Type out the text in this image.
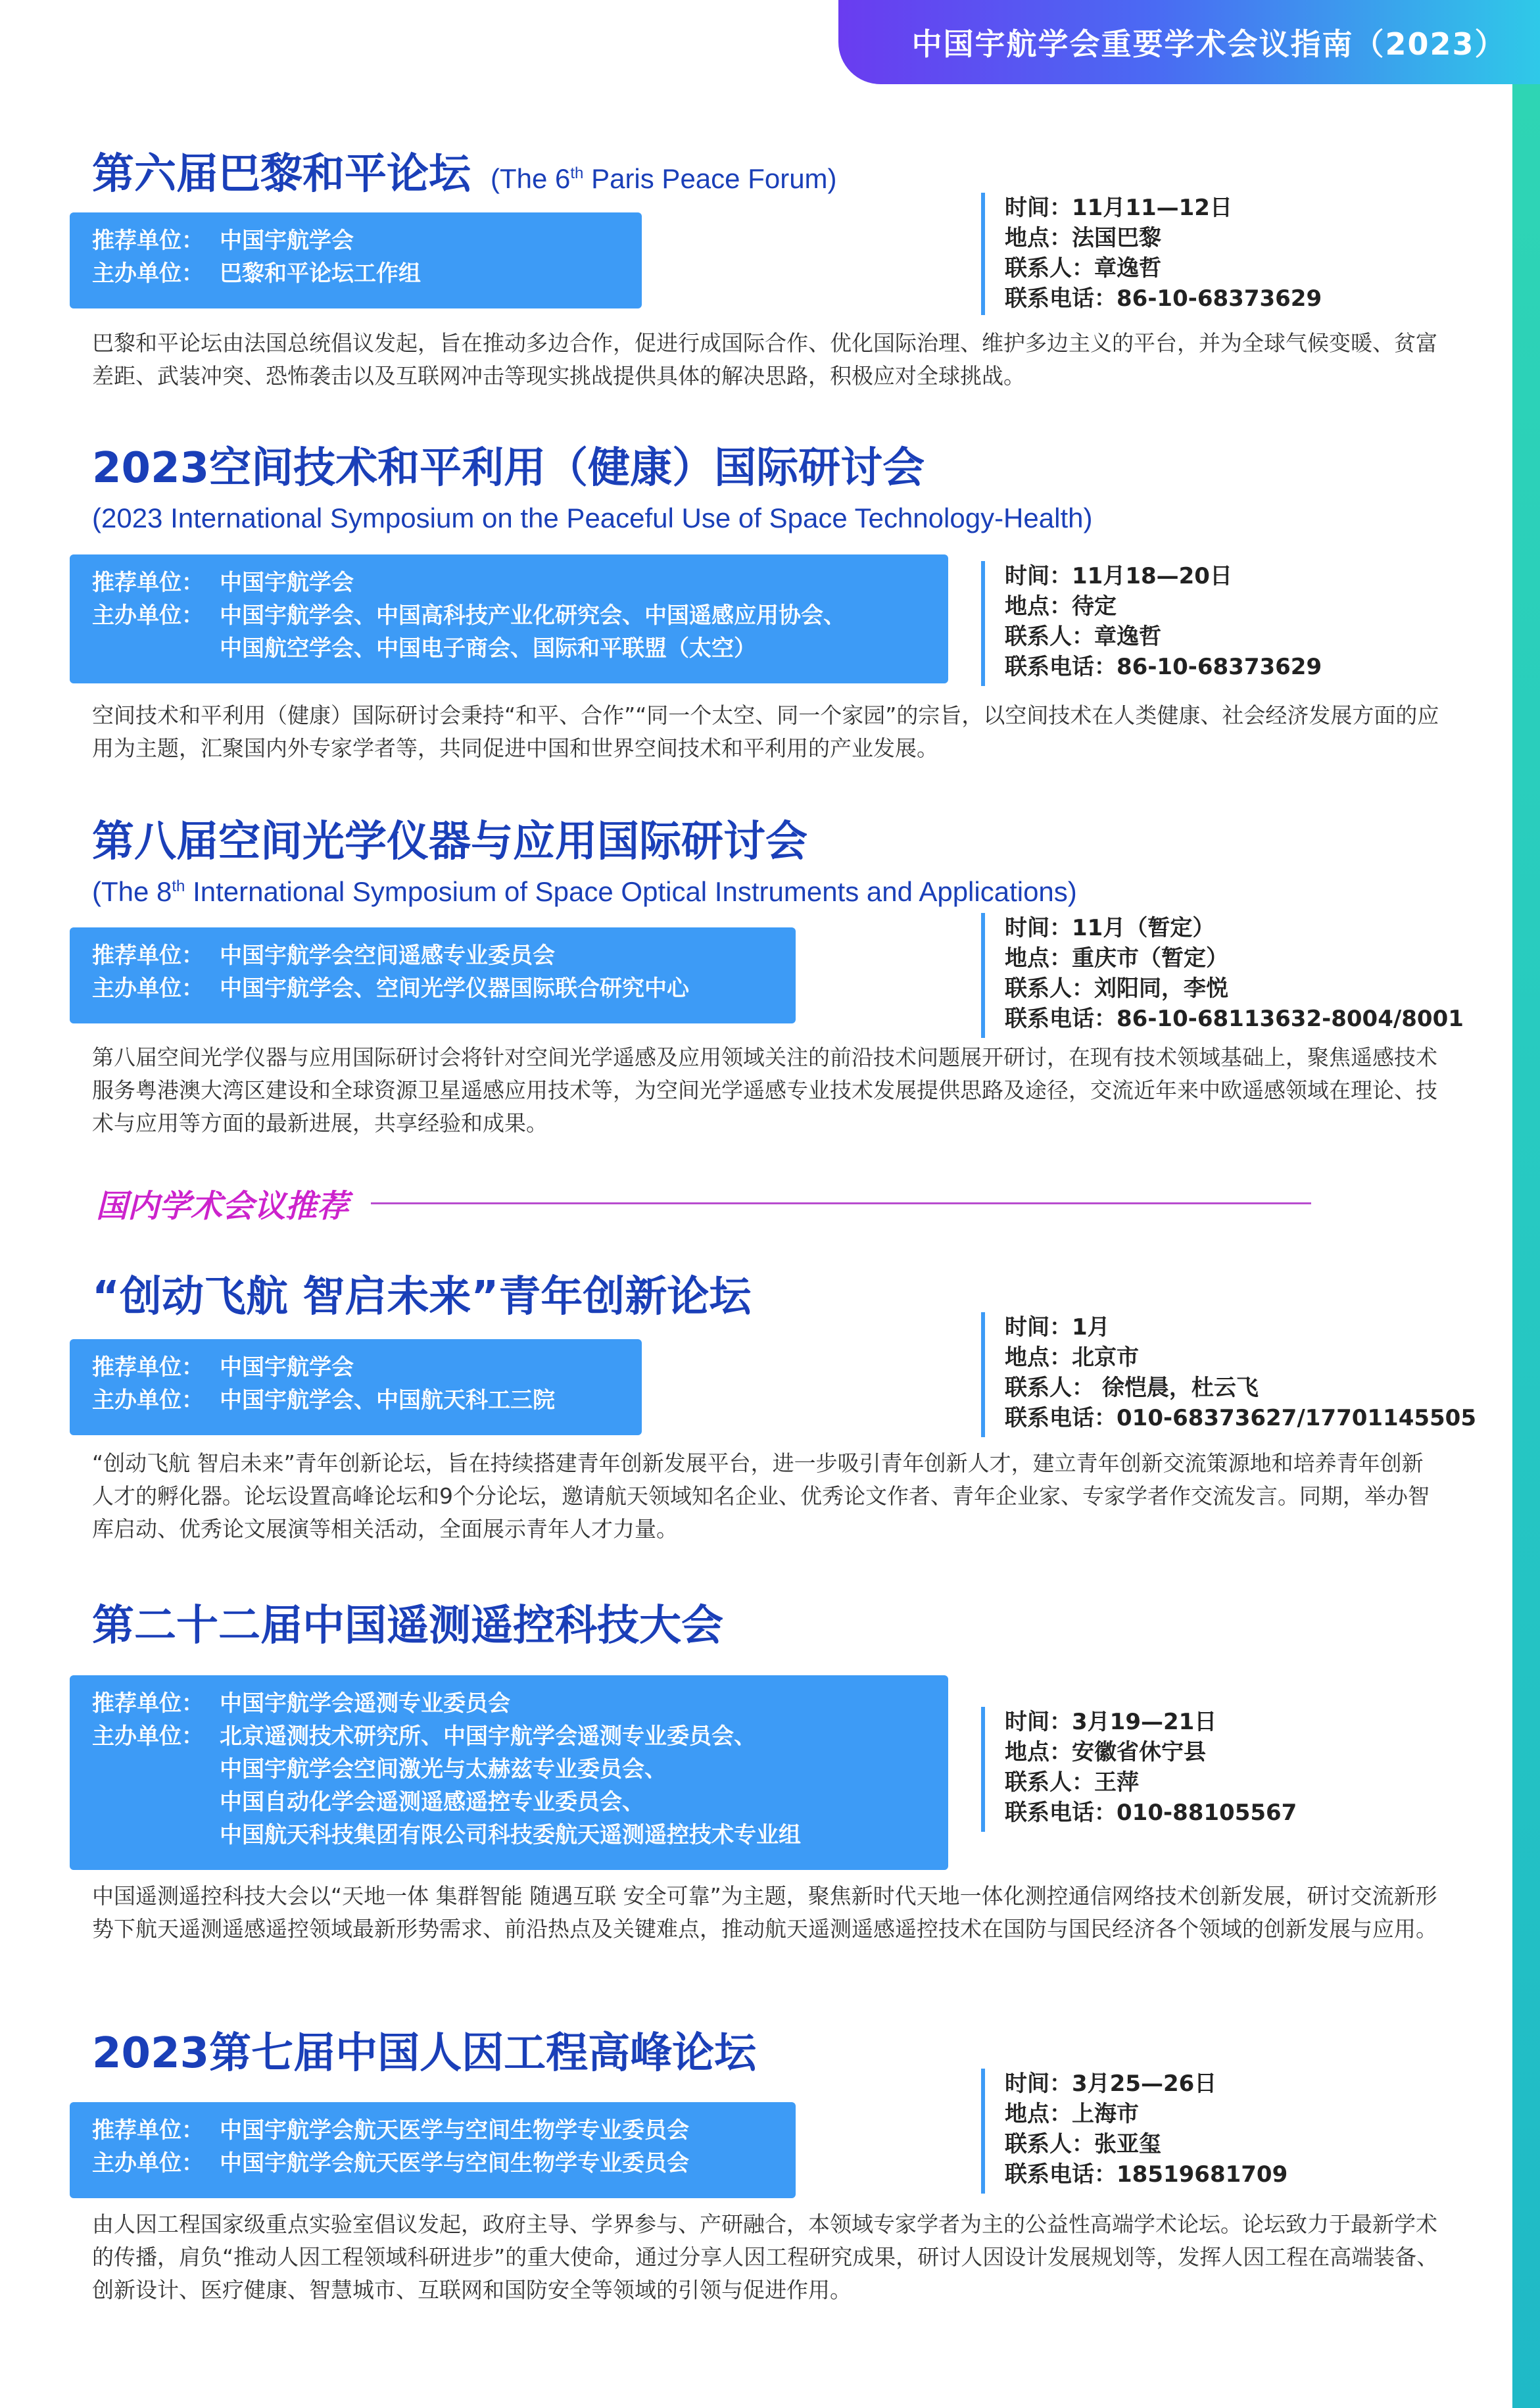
中国宇航学会重要学术会议指南（2023）
第六届巴黎和平论坛 (The 6th Paris Peace Forum)
推荐单位： 中国宇航学会
主办单位： 巴黎和平论坛工作组
时间：11月11—12日
地点：法国巴黎
联系人：章逸哲
联系电话：86-10-68373629
巴黎和平论坛由法国总统倡议发起，旨在推动多边合作，促进行成国际合作、优化国际治理、维护多边主义的平台，并为全球气候变暖、贫富差距、武装冲突、恐怖袭击以及互联网冲击等现实挑战提供具体的解决思路，积极应对全球挑战。
2023空间技术和平利用（健康）国际研讨会
(2023 International Symposium on the Peaceful Use of Space Technology-Health)
推荐单位： 中国宇航学会
主办单位： 中国宇航学会、中国高科技产业化研究会、中国遥感应用协会、
中国航空学会、中国电子商会、国际和平联盟（太空）
时间：11月18—20日
地点：待定
联系人：章逸哲
联系电话：86-10-68373629
空间技术和平利用（健康）国际研讨会秉持“和平、合作”“同一个太空、同一个家园”的宗旨，以空间技术在人类健康、社会经济发展方面的应用为主题，汇聚国内外专家学者等，共同促进中国和世界空间技术和平利用的产业发展。
第八届空间光学仪器与应用国际研讨会
(The 8th International Symposium of Space Optical Instruments and Applications)
推荐单位： 中国宇航学会空间遥感专业委员会
主办单位： 中国宇航学会、空间光学仪器国际联合研究中心
时间：11月（暂定）
地点：重庆市（暂定）
联系人：刘阳同，李悦
联系电话：86-10-68113632-8004/8001
第八届空间光学仪器与应用国际研讨会将针对空间光学遥感及应用领域关注的前沿技术问题展开研讨，在现有技术领域基础上，聚焦遥感技术服务粤港澳大湾区建设和全球资源卫星遥感应用技术等，为空间光学遥感专业技术发展提供思路及途径，交流近年来中欧遥感领域在理论、技术与应用等方面的最新进展，共享经验和成果。
国内学术会议推荐
“创动飞航 智启未来”青年创新论坛
推荐单位： 中国宇航学会
主办单位： 中国宇航学会、中国航天科工三院
时间：1月
地点：北京市
联系人： 徐恺晨，杜云飞
联系电话：010-68373627/17701145505
“创动飞航 智启未来”青年创新论坛，旨在持续搭建青年创新发展平台，进一步吸引青年创新人才，建立青年创新交流策源地和培养青年创新人才的孵化器。论坛设置高峰论坛和9个分论坛，邀请航天领域知名企业、优秀论文作者、青年企业家、专家学者作交流发言。同期，举办智库启动、优秀论文展演等相关活动，全面展示青年人才力量。
第二十二届中国遥测遥控科技大会
推荐单位： 中国宇航学会遥测专业委员会
主办单位： 北京遥测技术研究所、中国宇航学会遥测专业委员会、
中国宇航学会空间激光与太赫兹专业委员会、
中国自动化学会遥测遥感遥控专业委员会、
中国航天科技集团有限公司科技委航天遥测遥控技术专业组
时间：3月19—21日
地点：安徽省休宁县
联系人：王萍
联系电话：010-88105567
中国遥测遥控科技大会以“天地一体 集群智能 随遇互联 安全可靠”为主题，聚焦新时代天地一体化测控通信网络技术创新发展，研讨交流新形势下航天遥测遥感遥控领域最新形势需求、前沿热点及关键难点，推动航天遥测遥感遥控技术在国防与国民经济各个领域的创新发展与应用。
2023第七届中国人因工程高峰论坛
推荐单位： 中国宇航学会航天医学与空间生物学专业委员会
主办单位： 中国宇航学会航天医学与空间生物学专业委员会
时间：3月25—26日
地点：上海市
联系人：张亚玺
联系电话：18519681709
由人因工程国家级重点实验室倡议发起，政府主导、学界参与、产研融合，本领域专家学者为主的公益性高端学术论坛。论坛致力于最新学术的传播，肩负“推动人因工程领域科研进步”的重大使命，通过分享人因工程研究成果，研讨人因设计发展规划等，发挥人因工程在高端装备、创新设计、医疗健康、智慧城市、互联网和国防安全等领域的引领与促进作用。
